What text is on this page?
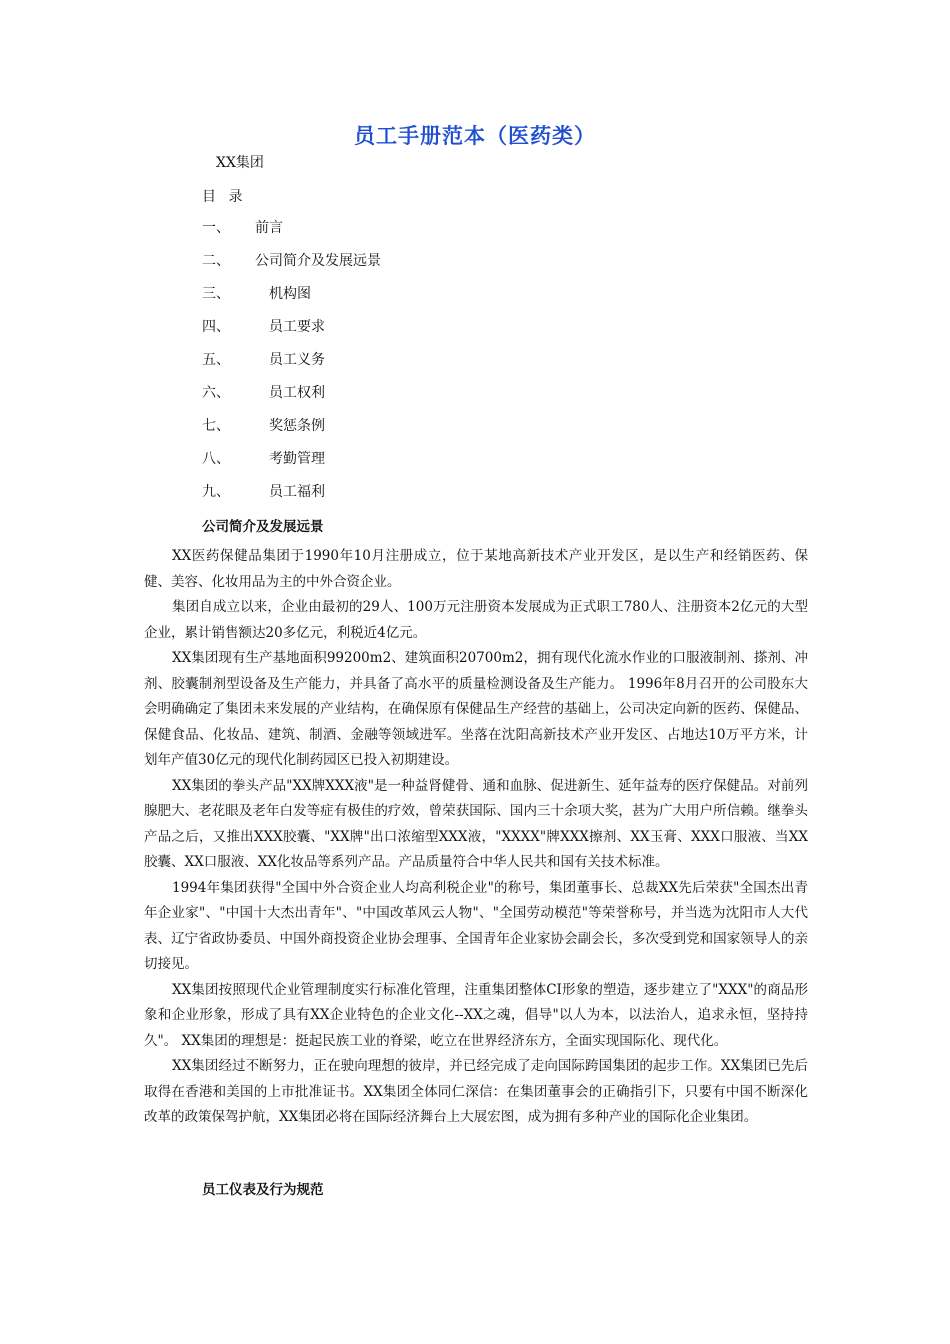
员工手册范本（医药类）
XX集团
目 录
一、 前言
二、 公司简介及发展远景
三、	机构图
四、	员工要求
五、	员工义务
六、	员工权利
七、	奖惩条例
八、	考勤管理
九、	员工福利
公司简介及发展远景

XX医药保健品集团于1990年10月注册成立，位于某地高新技术产业开发区，是以生产和经销医药、保健、美容、化妆用品为主的中外合资企业。

集团自成立以来，企业由最初的29人、100万元注册资本发展成为正式职工780人、注册资本2亿元的大型企业，累计销售额达20多亿元，利税近4亿元。

XX集团现有生产基地面积99200m2、建筑面积20700m2，拥有现代化流水作业的口服液制剂、搽剂、冲剂、胶囊制剂型设备及生产能力，并具备了高水平的质量检测设备及生产能力。 1996年8月召开的公司股东大会明确确定了集团未来发展的产业结构，在确保原有保健品生产经营的基础上，公司决定向新的医药、保健品、保健食品、化妆品、建筑、制酒、金融等领域进军。坐落在沈阳高新技术产业开发区、占地达10万平方米，计划年产值30亿元的现代化制药园区已投入初期建设。

XX集团的拳头产品"XX牌XXX液"是一种益肾健骨、通和血脉、促进新生、延年益寿的医疗保健品。对前列腺肥大、老花眼及老年白发等症有极佳的疗效，曾荣获国际、国内三十余项大奖，甚为广大用户所信赖。继拳头产品之后，又推出XXX胶囊、"XX牌"出口浓缩型XXX液，"XXXX"牌XXX擦剂、XX玉膏、XXX口服液、当XX胶囊、XX口服液、XX化妆品等系列产品。产品质量符合中华人民共和国有关技术标准。

1994年集团获得"全国中外合资企业人均高利税企业"的称号，集团董事长、总裁XX先后荣获"全国杰出青年企业家"、"中国十大杰出青年"、"中国改革风云人物"、"全国劳动模范"等荣誉称号，并当选为沈阳市人大代表、辽宁省政协委员、中国外商投资企业协会理事、全国青年企业家协会副会长，多次受到党和国家领导人的亲切接见。

XX集团按照现代企业管理制度实行标准化管理，注重集团整体CI形象的塑造，逐步建立了"XXX"的商品形象和企业形象，形成了具有XX企业特色的企业文化--XX之魂，倡导"以人为本，以法治人，追求永恒，坚持持久"。 XX集团的理想是：挺起民族工业的脊梁，屹立在世界经济东方，全面实现国际化、现代化。

XX集团经过不断努力，正在驶向理想的彼岸，并已经完成了走向国际跨国集团的起步工作。XX集团已先后取得在香港和美国的上市批准证书。XX集团全体同仁深信：在集团董事会的正确指引下，只要有中国不断深化改革的政策保驾护航，XX集团必将在国际经济舞台上大展宏图，成为拥有多种产业的国际化企业集团。

员工仪表及行为规范
